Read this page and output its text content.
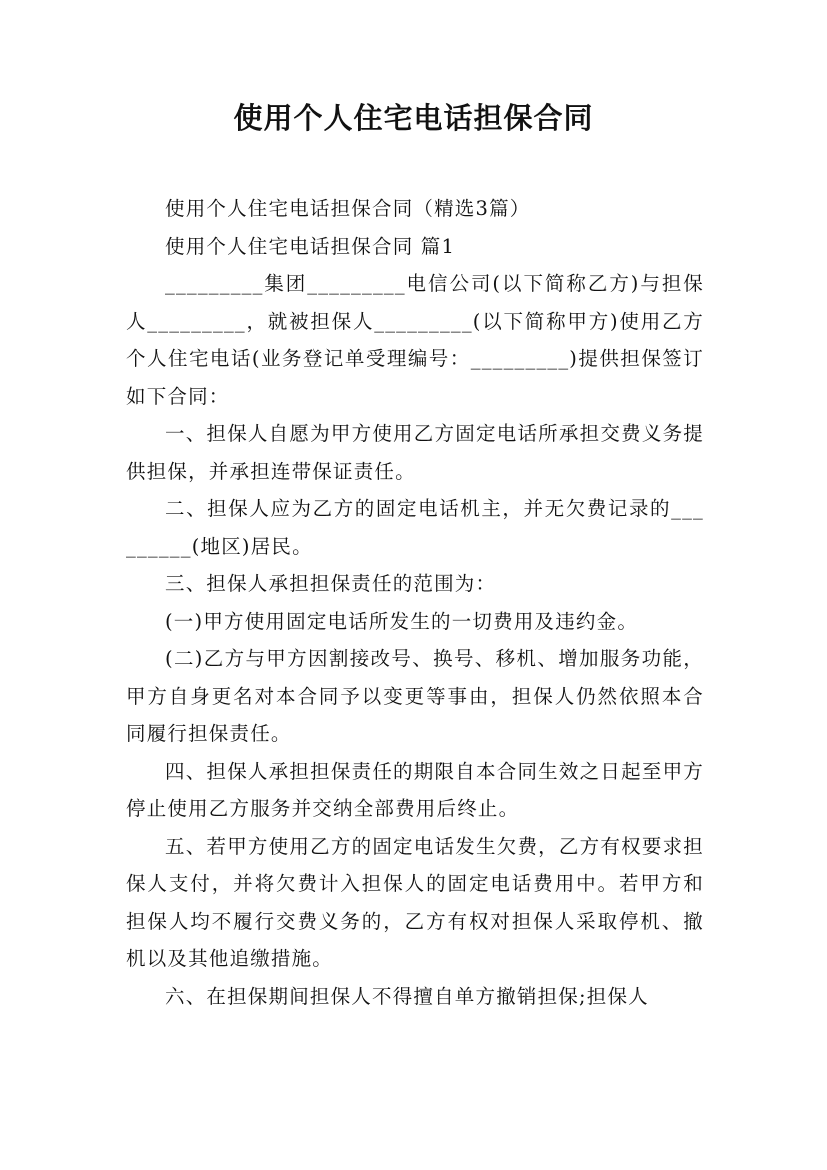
使用个人住宅电话担保合同

使用个人住宅电话担保合同（精选3篇）

使用个人住宅电话担保合同 篇1

_________集团_________电信公司(以下简称乙方)与担保人_________，就被担保人_________(以下简称甲方)使用乙方个人住宅电话(业务登记单受理编号：_________)提供担保签订如下合同：

一、担保人自愿为甲方使用乙方固定电话所承担交费义务提供担保，并承担连带保证责任。

二、担保人应为乙方的固定电话机主，并无欠费记录的_________(地区)居民。

三、担保人承担担保责任的范围为：

(一)甲方使用固定电话所发生的一切费用及违约金。

(二)乙方与甲方因割接改号、换号、移机、增加服务功能，甲方自身更名对本合同予以变更等事由，担保人仍然依照本合同履行担保责任。

四、担保人承担担保责任的期限自本合同生效之日起至甲方停止使用乙方服务并交纳全部费用后终止。

五、若甲方使用乙方的固定电话发生欠费，乙方有权要求担保人支付，并将欠费计入担保人的固定电话费用中。若甲方和担保人均不履行交费义务的，乙方有权对担保人采取停机、撤机以及其他追缴措施。

六、在担保期间担保人不得擅自单方撤销担保;担保人
